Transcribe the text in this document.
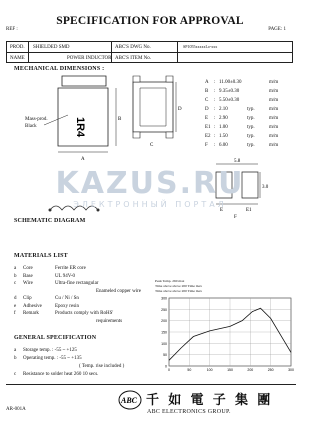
SPECIFICATION FOR APPROVAL
REF :	PAGE: 1
PROD. SHIELDED SMD
NAME	POWER INDUCTOR
ABC'S DWG No.	SP1055xxxxxLo-xxx
ABC'S ITEM No.
MECHANICAL DIMENSIONS :
1R4	B
A
C
D
Mass-prod.
Black
A : 11.00±0.30	m/m
B : 9.35±0.30	m/m
C : 5.50±0.30	m/m
D : 2.10	typ.	m/m
E : 2.90	typ.	m/m
E1 : 1.00	typ.	m/m
E2 : 1.50	typ.	m/m
F : 6.00	typ.	m/m
5.8
3.0
E	E1
F
SCHEMATIC DIAGRAM
KAZUS.RU
ЭЛЕКТРОННЫЙ ПОРТАЛ
MATERIALS LIST
a Core	Ferrite ER core
b Base	UL 94V-0
c Wire	Ultra-fine rectangular
Enameled copper wire
d Clip	Cu / Ni / Sn
e Adhesive	Epoxy resin
f Remark	Products comply with RoHS'
requirements
GENERAL SPECIFICATION
a Storage temp. : -55 ~ +125
b Operating temp. : -55 ~ +135
( Temp. rise included )
c Resistance to solder heat 260 10 secs.
Peak Temp. 260 max
Time above above 200 Time max
Time above above 200 Time max
300
250
200
150
100
50
0
0	50	100	150	200	250	300
AR-001A
ABC 千 如 電 子 集 團
ABC ELECTRONICS GROUP.
